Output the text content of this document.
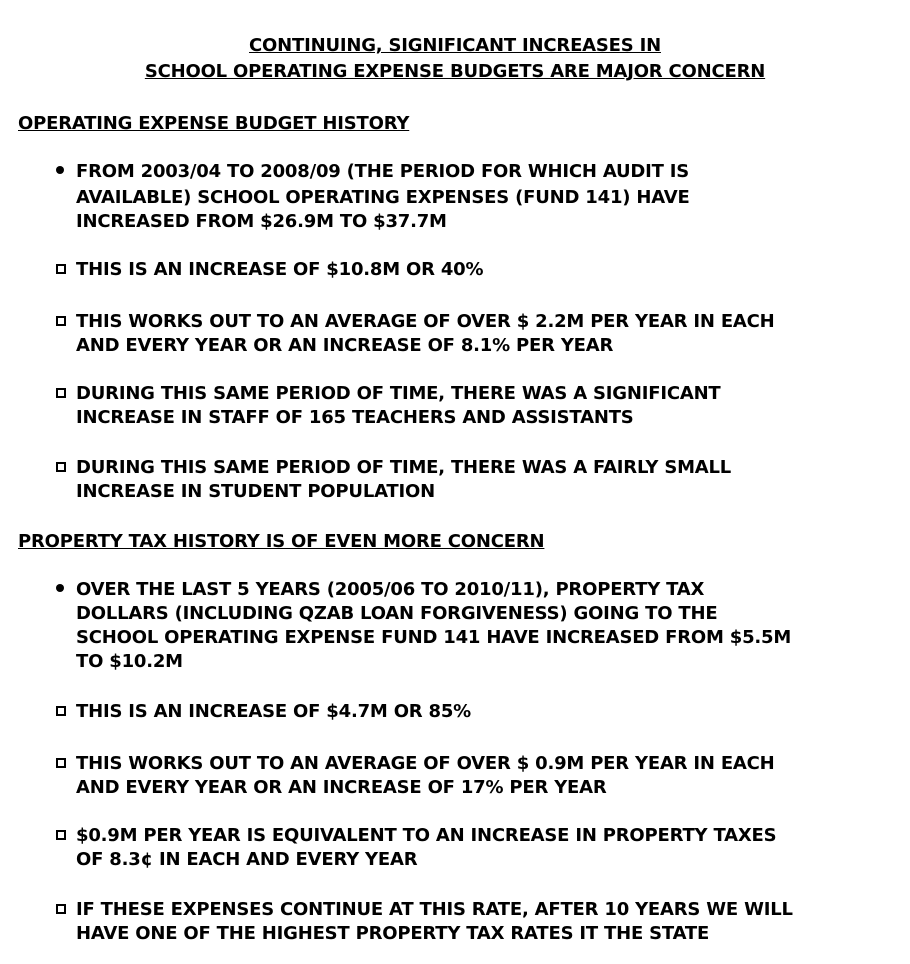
CONTINUING, SIGNIFICANT INCREASES IN
SCHOOL OPERATING EXPENSE BUDGETS ARE MAJOR CONCERN
OPERATING EXPENSE BUDGET HISTORY
FROM 2003/04 TO 2008/09 (THE PERIOD FOR WHICH AUDIT IS
AVAILABLE) SCHOOL OPERATING EXPENSES (FUND 141) HAVE
INCREASED FROM $26.9M TO $37.7M
THIS IS AN INCREASE OF $10.8M OR 40%
THIS WORKS OUT TO AN AVERAGE OF OVER $ 2.2M PER YEAR IN EACH
AND EVERY YEAR OR AN INCREASE OF 8.1% PER YEAR
DURING THIS SAME PERIOD OF TIME, THERE WAS A SIGNIFICANT
INCREASE IN STAFF OF 165 TEACHERS AND ASSISTANTS
DURING THIS SAME PERIOD OF TIME, THERE WAS A FAIRLY SMALL
INCREASE IN STUDENT POPULATION
PROPERTY TAX HISTORY IS OF EVEN MORE CONCERN
OVER THE LAST 5 YEARS (2005/06 TO 2010/11), PROPERTY TAX
DOLLARS (INCLUDING QZAB LOAN FORGIVENESS) GOING TO THE
SCHOOL OPERATING EXPENSE FUND 141 HAVE INCREASED FROM $5.5M
TO $10.2M
THIS IS AN INCREASE OF $4.7M OR 85%
THIS WORKS OUT TO AN AVERAGE OF OVER $ 0.9M PER YEAR IN EACH
AND EVERY YEAR OR AN INCREASE OF 17% PER YEAR
$0.9M PER YEAR IS EQUIVALENT TO AN INCREASE IN PROPERTY TAXES
OF 8.3¢ IN EACH AND EVERY YEAR
IF THESE EXPENSES CONTINUE AT THIS RATE, AFTER 10 YEARS WE WILL
HAVE ONE OF THE HIGHEST PROPERTY TAX RATES IT THE STATE
